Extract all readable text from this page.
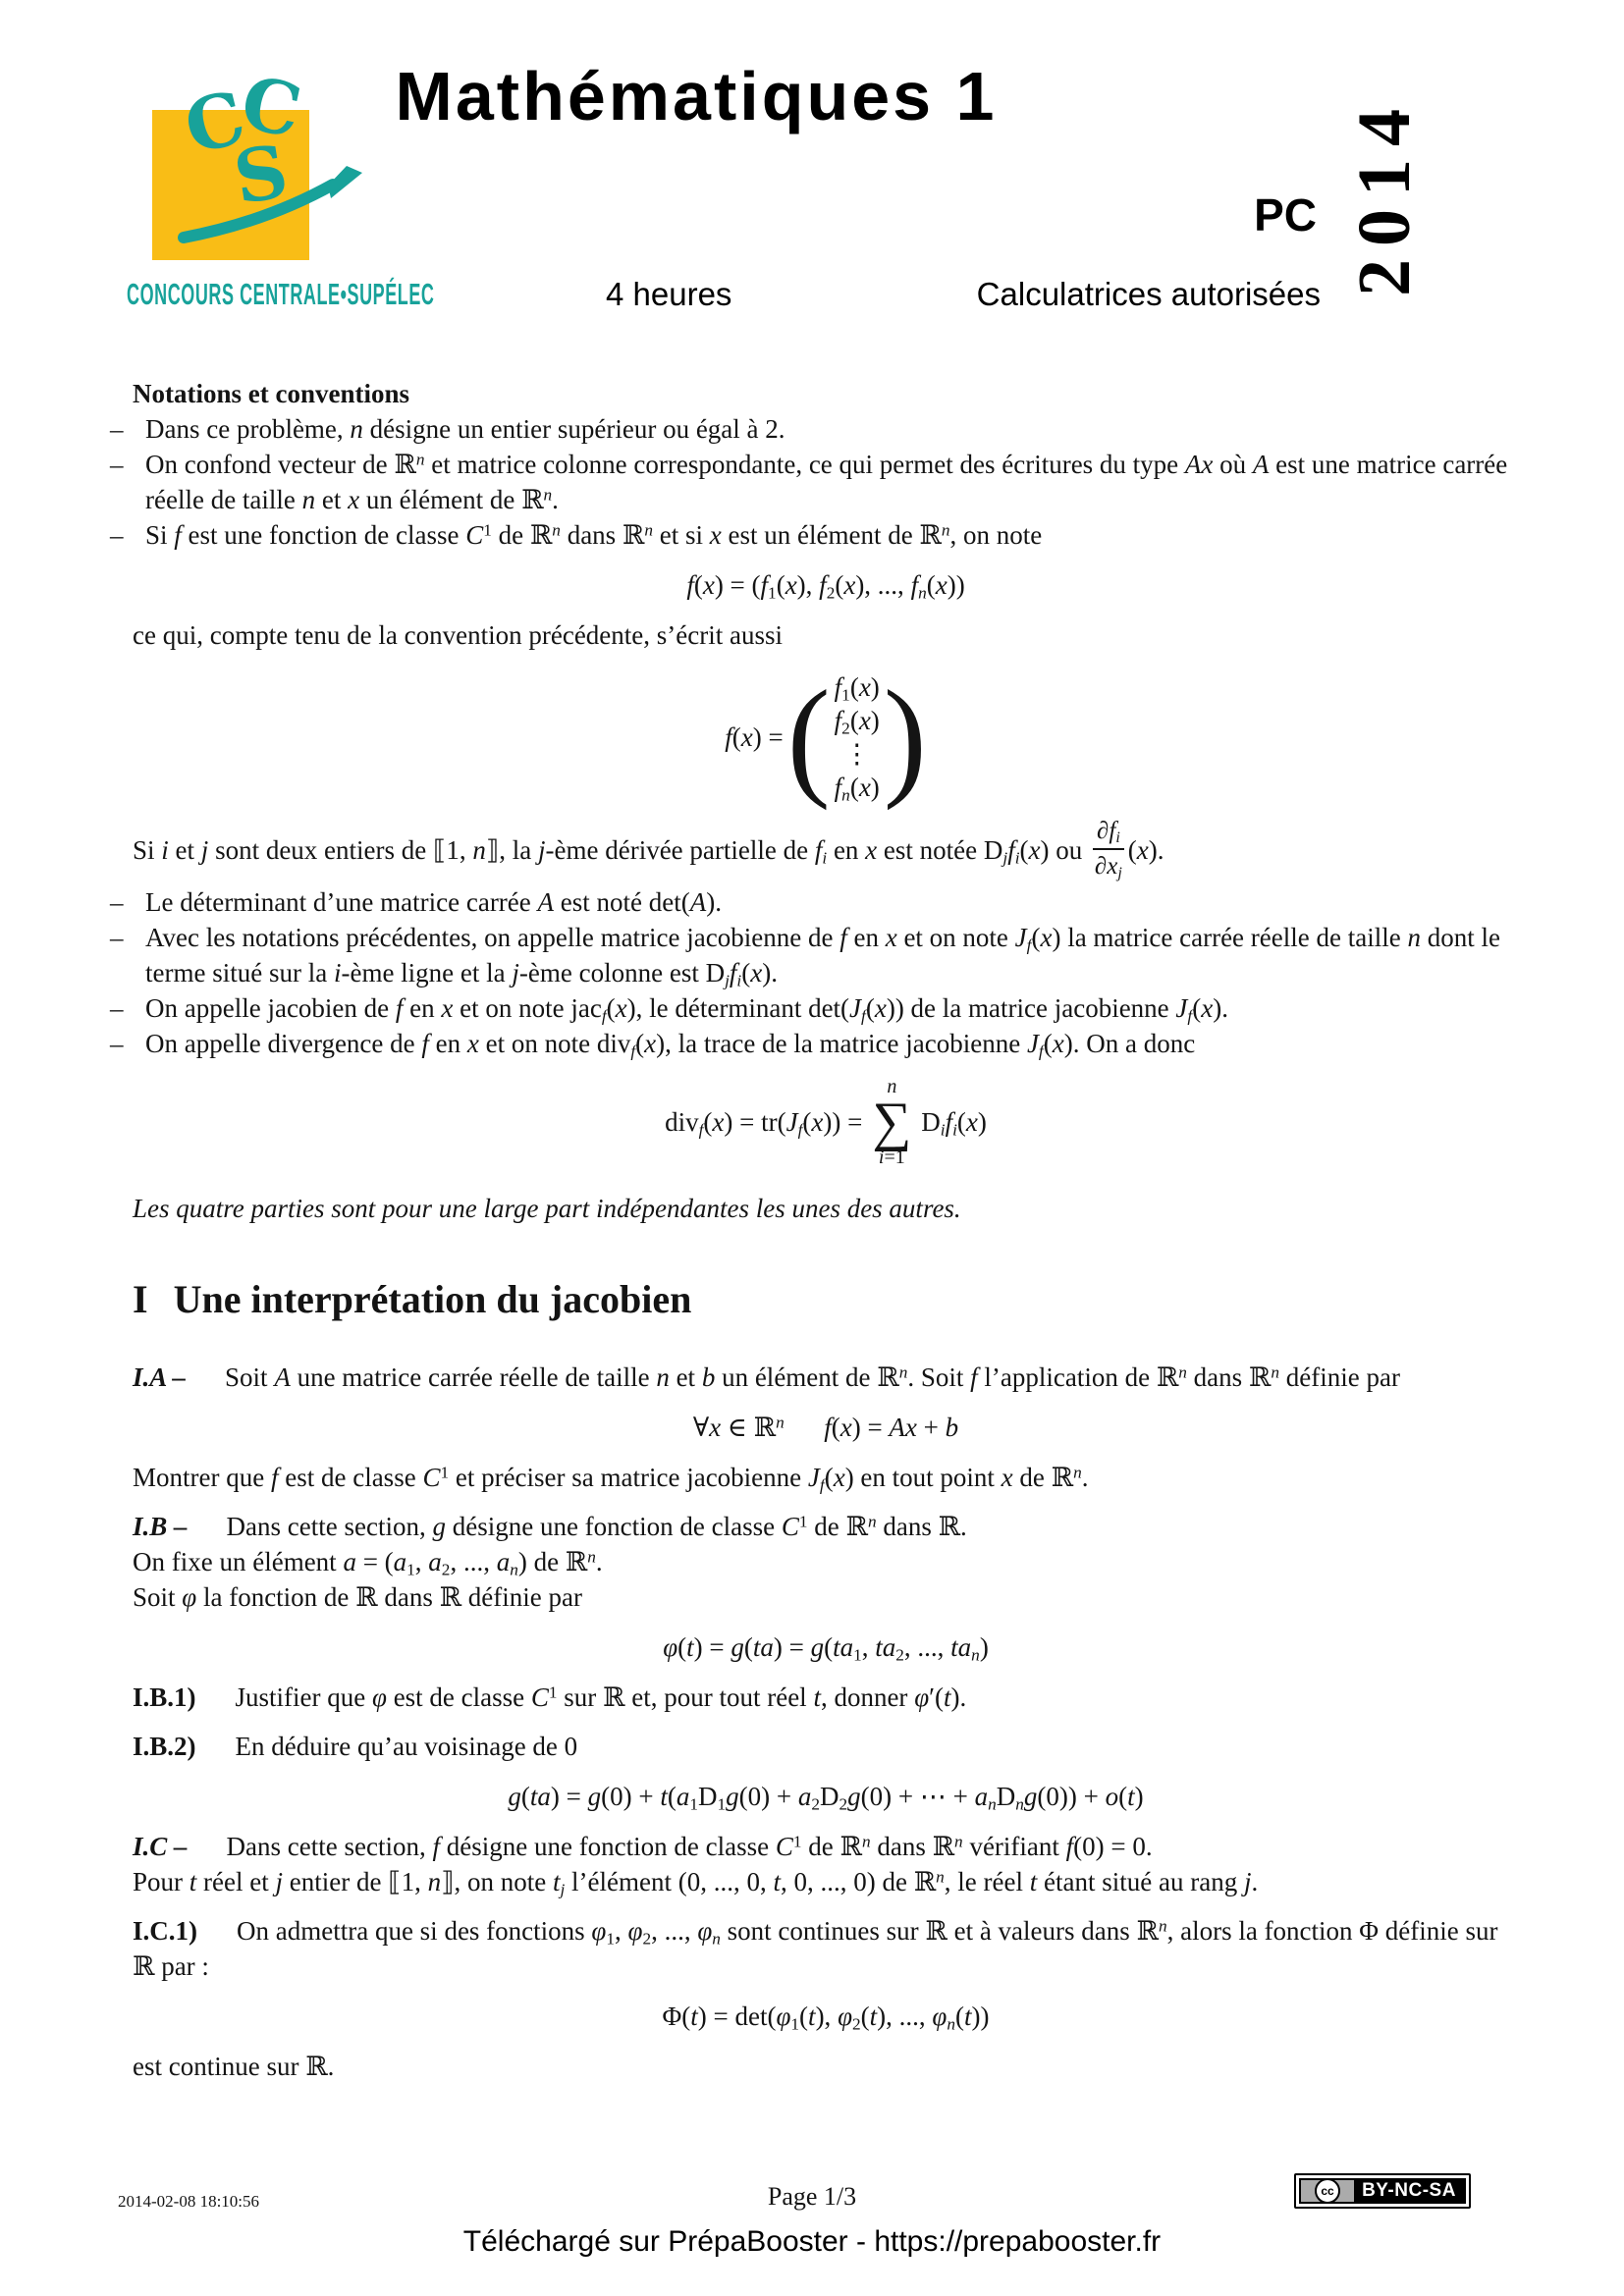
C
C
S
CONCOURS CENTRALE•SUPÉLEC
Mathématiques 1
PC
4 heures	Calculatrices autorisées 2014
Notations et conventions
– Dans ce problème, n désigne un entier supérieur ou égal à 2.
– On confond vecteur de ℝ$^n$ et matrice colonne correspondante, ce qui permet des écritures du type Ax où A est une matrice carrée réelle de taille n et x un élément de ℝ$^n$.
– Si f est une fonction de classe $C^1$ de ℝ$^n$ dans ℝ$^n$ et si x est un élément de ℝ$^n$, on note
$f(x) = (f_1(x)$, $f_2(x)$, ..., $f_n(x)$)

ce qui, compte tenu de la convention précédente, s’écrit aussi

f(x) = ( $f_1(x)$
$f_2(x)$
⋮
$f_n(x)$ )

Si i et j sont deux entiers de ⟦1, n⟧, la j-ème dérivée partielle de $f_i$ en x est notée $D_jf_i(x)$ ou $\frac{\partial f_i}{\partial x_j} (x)$.

– Le déterminant d’une matrice carrée A est noté det(A).
– Avec les notations précédentes, on appelle matrice jacobienne de f en x et on note $J_f(x)$ la matrice carrée réelle de taille n dont le terme situé sur la i-ème ligne et la j-ème colonne est $D_jf_i(x)$.
– On appelle jacobien de f en x et on note jac$_f$(x), le déterminant $\det(J_f(x))$ de la matrice jacobienne $J_f(x)$.
– On appelle divergence de f en x et on note div$_f$(x), la trace de la matrice jacobienne $J_f(x)$. On a donc
$div_f(x) = tr(J_f(x))$ =
n
∑
i=1
$D_if_i(x)$

Les quatre parties sont pour une large part indépendantes les unes des autres.

I Une interprétation du jacobien

I.A – Soit A une matrice carrée réelle de taille n et b un élément de ℝ$^n$. Soit f l’application de ℝ$^n$ dans ℝ$^n$ définie par

∀x ∈ ℝ$^n$   f(x) = Ax + b

Montrer que f est de classe $C^1$ et préciser sa matrice jacobienne $J_f(x)$ en tout point x de ℝ$^n$.

I.B – Dans cette section, g désigne une fonction de classe $C^1$ de ℝ$^n$ dans ℝ.

On fixe un élément $a = (a_1$, $a_2$, ..., $a_n$) de ℝ$^n$.

Soit φ la fonction de ℝ dans ℝ définie par

$\varphi(t) = g(ta) = g(ta_1$, $ta_2$, ..., $ta_n$)

I.B.1) Justifier que φ est de classe $C^1$ sur ℝ et, pour tout réel t, donner φ′(t).

I.B.2) En déduire qu’au voisinage de 0

$g(ta) = g(0) + t(a_1D_1g(0) + a_2D_2g(0)$ + ⋯ + $a_nD_ng(0)) + o(t)$

I.C – Dans cette section, f désigne une fonction de classe $C^1$ de ℝ$^n$ dans ℝ$^n$ vérifiant f(0) = 0.

Pour t réel et j entier de ⟦1, n⟧, on note $t_j$ l’élément (0, ..., 0, t, 0, ..., 0) de ℝ$^n$, le réel t étant situé au rang j.

I.C.1) On admettra que si des fonctions $\varphi_1$, $\varphi_2$, ..., $\varphi_n$ sont continues sur ℝ et à valeurs dans ℝ$^n$, alors la fonction Φ définie sur ℝ par :

$\Phi(t) = \det(\varphi_1(t)$, $\varphi_2(t)$, ..., $\varphi_n(t)$)

est continue sur ℝ.

2014-02-08 18:10:56	Page 1/3	cc	BY-NC-SA
Téléchargé sur PrépaBooster - https://prepabooster.fr
